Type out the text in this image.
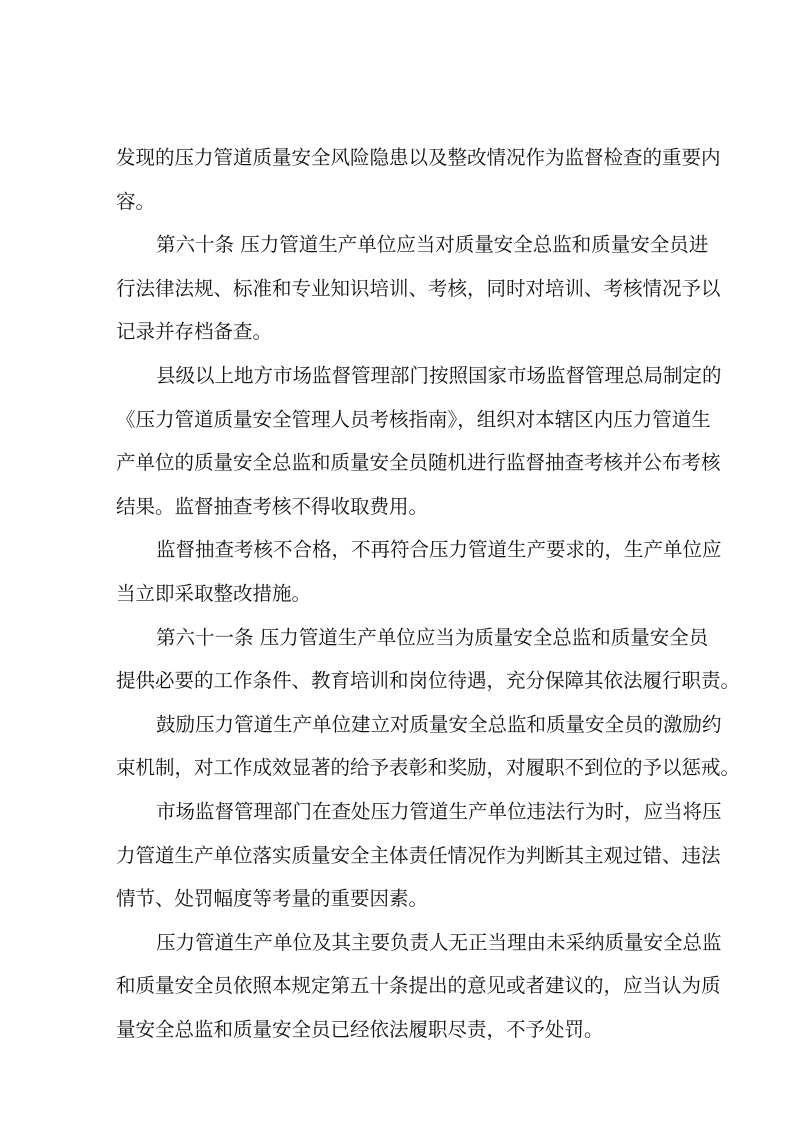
发现的压力管道质量安全风险隐患以及整改情况作为监督检查的重要内
容。
第六十条 压力管道生产单位应当对质量安全总监和质量安全员进
行法律法规、标准和专业知识培训、考核，同时对培训、考核情况予以
记录并存档备查。
县级以上地方市场监督管理部门按照国家市场监督管理总局制定的
《压力管道质量安全管理人员考核指南》，组织对本辖区内压力管道生
产单位的质量安全总监和质量安全员随机进行监督抽查考核并公布考核
结果。监督抽查考核不得收取费用。
监督抽查考核不合格，不再符合压力管道生产要求的，生产单位应
当立即采取整改措施。
第六十一条 压力管道生产单位应当为质量安全总监和质量安全员
提供必要的工作条件、教育培训和岗位待遇，充分保障其依法履行职责。
鼓励压力管道生产单位建立对质量安全总监和质量安全员的激励约
束机制，对工作成效显著的给予表彰和奖励，对履职不到位的予以惩戒。
市场监督管理部门在查处压力管道生产单位违法行为时，应当将压
力管道生产单位落实质量安全主体责任情况作为判断其主观过错、违法
情节、处罚幅度等考量的重要因素。
压力管道生产单位及其主要负责人无正当理由未采纳质量安全总监
和质量安全员依照本规定第五十条提出的意见或者建议的，应当认为质
量安全总监和质量安全员已经依法履职尽责，不予处罚。
